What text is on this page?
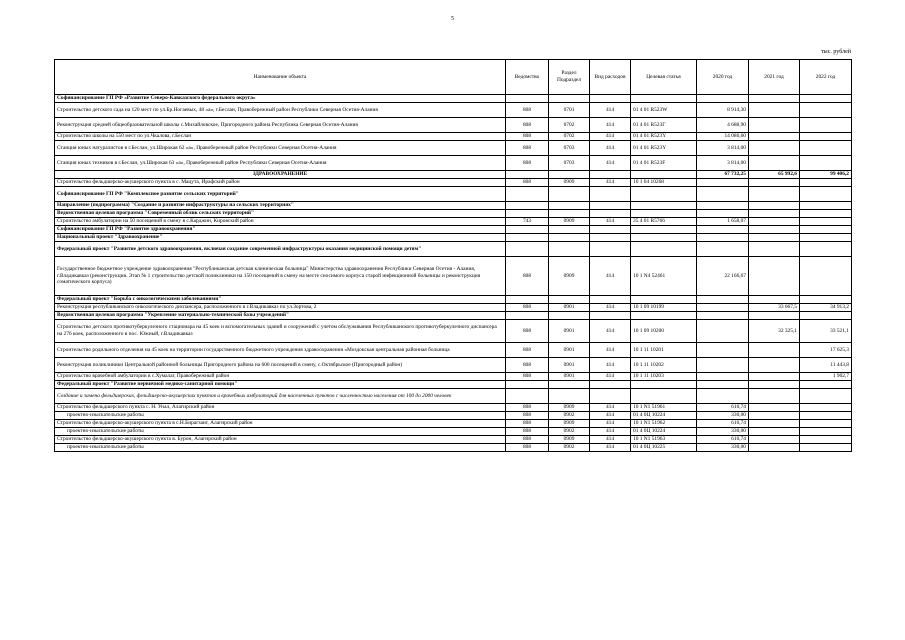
5
тыс. рублей
Наименование объекта	Ведомство	Раздел Подраздел	Вид расходов	Целевая статья	2020 год	2021 год	2022 год
Софинансирование ГП РФ «Развитие Северо-Кавказского федерального округа»							
Строительство детского сада на 120 мест по ул.Бр.Ногаевых, 48 «а», г.Беслан, Правобережный район Республики Северная Осетия-Алания	808	0701	414	01 4 01 R523W	8 914,30		
Реконструкция средней общеобразовательной школы с.Михайловское, Пригородного района Республика Северная Осетия-Алания	808	0702	414	01 4 01 R523Г	4 688,90		
Строительство школы на 550 мест по ул.Чкалова, г.Беслан	808	0702	414	01 4 01 R523Y	14 086,60		
Станция юных натуралистов в г.Беслан, ул.Широкая 62 «а», Правобережный район Республики Северная Осетия-Алания	808	0703	414	01 4 01 R523Y	3 814,00		
Станция юных техников в г.Беслан, ул.Широкая 63 «а», Правобережный район Республики Северная Осетия-Алания	808	0703	414	01 4 01 R523F	3 814,00		
ЗДРАВООХРАНЕНИЕ					67 732,25	65 992,6	99 406,2
Строительство фельдшерско-акушерского пункта в с. Мацута, Ирафский район	808	0909	414	10 1 04 10268			
Софинансирование ГП РФ "Комплексное развитие сельских территорий"							
Направление (подпрограмма) "Создание и развитие инфраструктуры на сельских территориях"							
Ведомственная целевая программа "Современный облик сельских территорий"							
Строительство амбулатории на 50 посещений в смену в с.Карджин, Кировский район	743	0909	414	35 4 01 R5766	1 658,07		
Софинансирование ГП РФ "Развитие здравоохранения"							
Национальный проект "Здравоохранение"							
Федеральный проект "Развитие детского здравоохранения, включая создание современной инфраструктуры оказания медицинской помощи детям"							
Государственное бюджетное учреждение здравоохранения "Республиканская детская клиническая больница" Министерства здравоохранения Республики Северная Осетия - Алания, г.Владикавказ (реконструкция. Этап № 1 строительство детской поликлиники на 150 посещений в смену на месте сносимого корпуса старой инфекционной больницы и реконструкция соматического корпуса)	808	0909	414	10 1 N4 52461	22 166,67		
Федеральный проект "Борьба с онкологическими заболеваниями"							
Реконструкция республиканского онкологического диспансера, расположенного в г.Владикавказ по ул.Зортова, 2	808	0901	414	10 1 09 10199		33 667,5	34 913,2
Ведомственная целевая программа "Укрепление материально-технической базы учреждений"							
Строительство детского противотуберкулезного стационара на 45 коек и вспомогательных зданий и сооружений с учетом обслуживания Республиканского противотуберкулезного диспансера на 276 коек, расположенного в пос. Южный, г.Владикавказ	808	0901	414	10 1 09 10200		32 325,1	33 521,1
Строительство родильного отделения на 45 коек на территории государственного бюджетного учреждения здравоохранения «Моздокская центральная районная больница	808	0901	414	10 1 11 10201			17 625,3
Реконструкция поликлиники Центральной районной больницы Пригородного района на 600 посещений в смену, с.Октябрьское (Пригородный район)	808	0901	414	10 1 11 10202			11 443,8
Строительство врачебной амбулатории в с.Хумалаг, Правобережный район	808	0901	414	10 1 11 10203			1 902,7
Федеральный проект "Развитие первичной медико-санитарной помощи"							
Создание и замена фельдшерских, фельдшерско-акушерских пунктов и врачебных амбулаторий для населенных пунктов с численностью населения от 100 до 2000 человек							
Строительство фельдшерского пункта с. Н. Унал, Алагирский район	808	0909	414	10 1 N1 51961	610,74		
проектно-изыскательские работы	808	0902	414	01 4 0Ц 10224	330,00		
Строительство фельдшерско-акушерского пункта в с.Н.Бирагзанг, Алагирский район	808	0909	414	10 1 N1 51962	610,74		
проектно-изыскательские работы	808	0902	414	01 4 0Ц 10224	330,00		
Строительство фельдшерско-акушерского пункта в. Бурон, Алагирский район	808	0909	414	10 1 N1 51963	610,74		
проектно-изыскательские работы	808	0902	414	01 4 0Ц 10225	330,00		
